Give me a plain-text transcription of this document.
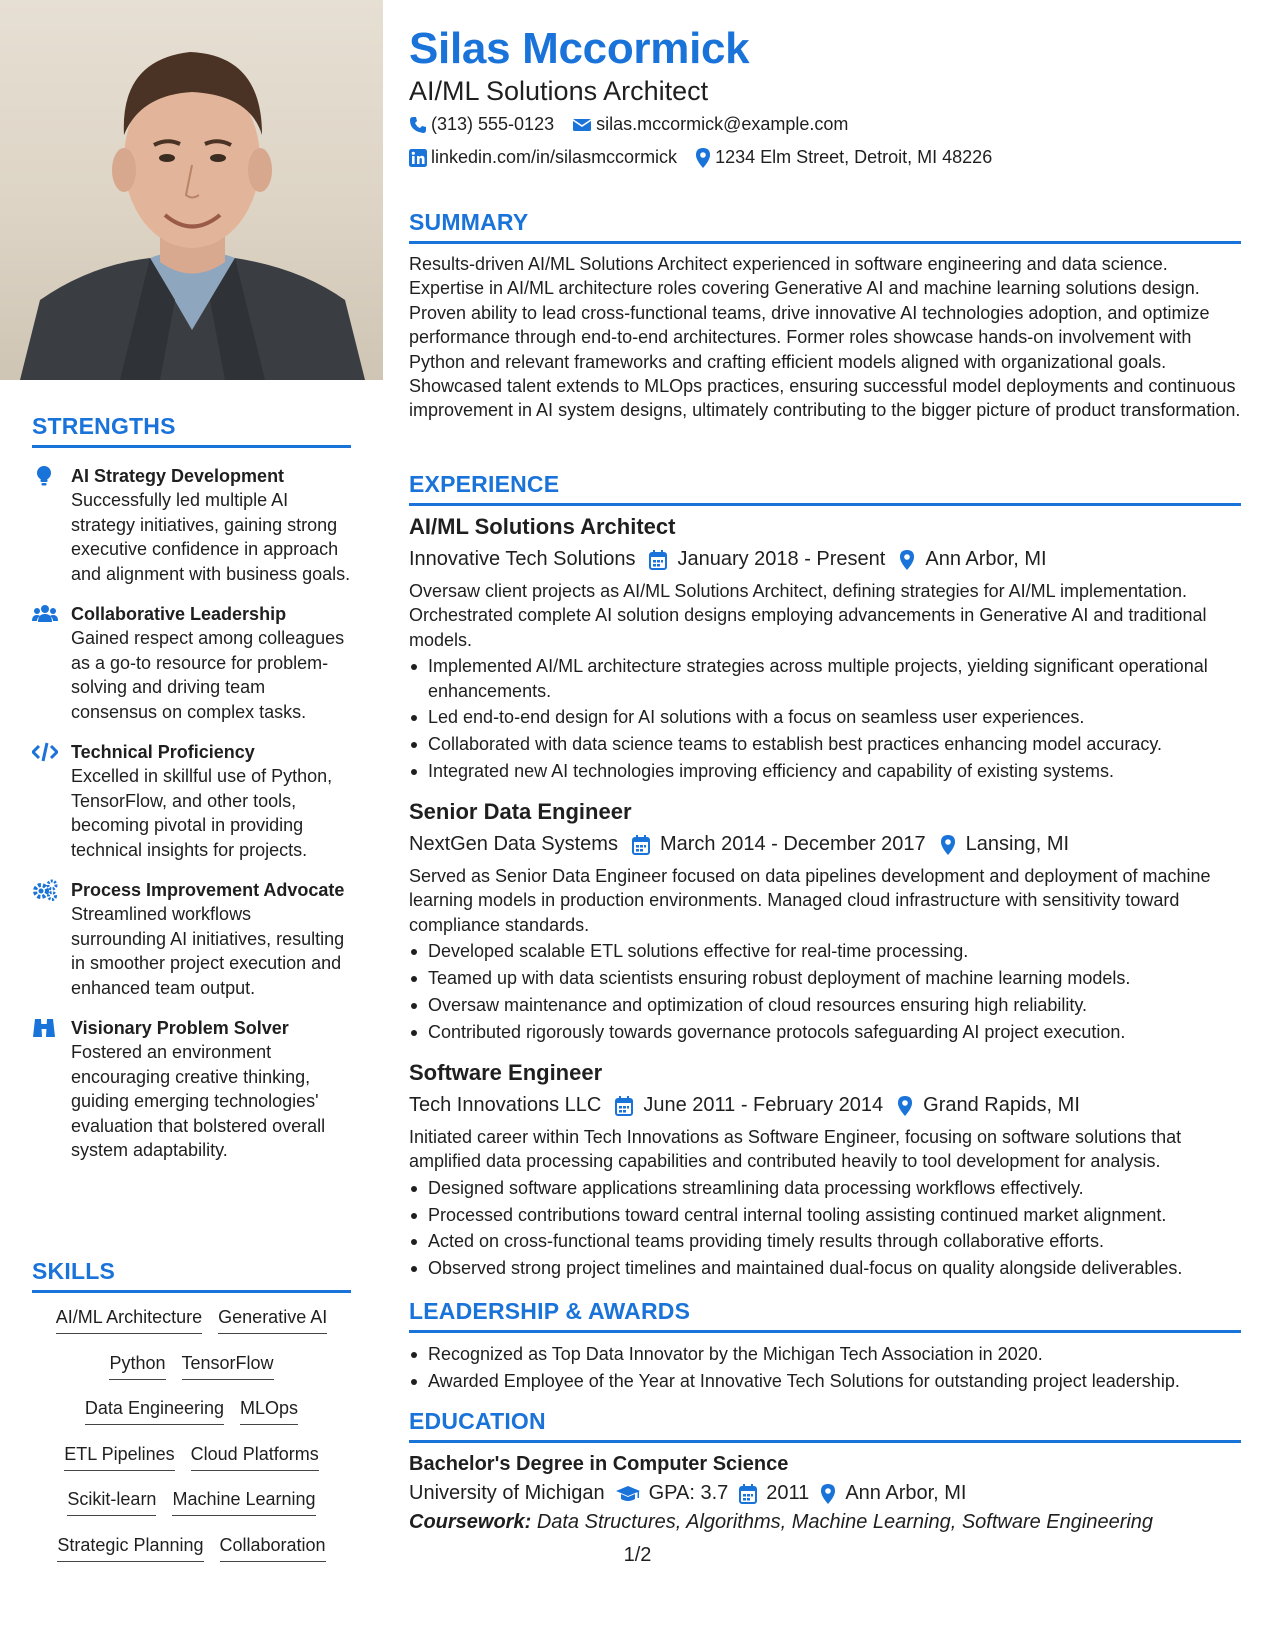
STRENGTHS
AI Strategy Development
Successfully led multiple AI strategy initiatives, gaining strong executive confidence in approach and alignment with business goals.
Collaborative Leadership
Gained respect among colleagues as a go-to resource for problem-solving and driving team consensus on complex tasks.
Technical Proficiency
Excelled in skillful use of Python, TensorFlow, and other tools, becoming pivotal in providing technical insights for projects.
Process Improvement Advocate
Streamlined workflows surrounding AI initiatives, resulting in smoother project execution and enhanced team output.
Visionary Problem Solver
Fostered an environment encouraging creative thinking, guiding emerging technologies' evaluation that bolstered overall system adaptability.
SKILLS
AI/ML Architecture Generative AI
Python TensorFlow
Data Engineering MLOps
ETL Pipelines Cloud Platforms
Scikit-learn Machine Learning
Strategic Planning Collaboration
Silas Mccormick
AI/ML Solutions Architect
(313) 555-0123 silas.mccormick@example.com
linkedin.com/in/silasmccormick 1234 Elm Street, Detroit, MI 48226
SUMMARY
Results-driven AI/ML Solutions Architect experienced in software engineering and data science. Expertise in AI/ML architecture roles covering Generative AI and machine learning solutions design. Proven ability to lead cross-functional teams, drive innovative AI technologies adoption, and optimize performance through end-to-end architectures. Former roles showcase hands-on involvement with Python and relevant frameworks and crafting efficient models aligned with organizational goals. Showcased talent extends to MLOps practices, ensuring successful model deployments and continuous improvement in AI system designs, ultimately contributing to the bigger picture of product transformation.
EXPERIENCE
AI/ML Solutions Architect
Innovative Tech Solutions January 2018 - Present Ann Arbor, MI
Oversaw client projects as AI/ML Solutions Architect, defining strategies for AI/ML implementation. Orchestrated complete AI solution designs employing advancements in Generative AI and traditional models.
Implemented AI/ML architecture strategies across multiple projects, yielding significant operational enhancements.
Led end-to-end design for AI solutions with a focus on seamless user experiences.
Collaborated with data science teams to establish best practices enhancing model accuracy.
Integrated new AI technologies improving efficiency and capability of existing systems.
Senior Data Engineer
NextGen Data Systems March 2014 - December 2017 Lansing, MI
Served as Senior Data Engineer focused on data pipelines development and deployment of machine learning models in production environments. Managed cloud infrastructure with sensitivity toward compliance standards.
Developed scalable ETL solutions effective for real-time processing.
Teamed up with data scientists ensuring robust deployment of machine learning models.
Oversaw maintenance and optimization of cloud resources ensuring high reliability.
Contributed rigorously towards governance protocols safeguarding AI project execution.
Software Engineer
Tech Innovations LLC June 2011 - February 2014 Grand Rapids, MI
Initiated career within Tech Innovations as Software Engineer, focusing on software solutions that amplified data processing capabilities and contributed heavily to tool development for analysis.
Designed software applications streamlining data processing workflows effectively.
Processed contributions toward central internal tooling assisting continued market alignment.
Acted on cross-functional teams providing timely results through collaborative efforts.
Observed strong project timelines and maintained dual-focus on quality alongside deliverables.
LEADERSHIP & AWARDS
Recognized as Top Data Innovator by the Michigan Tech Association in 2020.
Awarded Employee of the Year at Innovative Tech Solutions for outstanding project leadership.
EDUCATION
Bachelor's Degree in Computer Science
University of Michigan GPA: 3.7 2011 Ann Arbor, MI
Coursework: Data Structures, Algorithms, Machine Learning, Software Engineering
1/2
